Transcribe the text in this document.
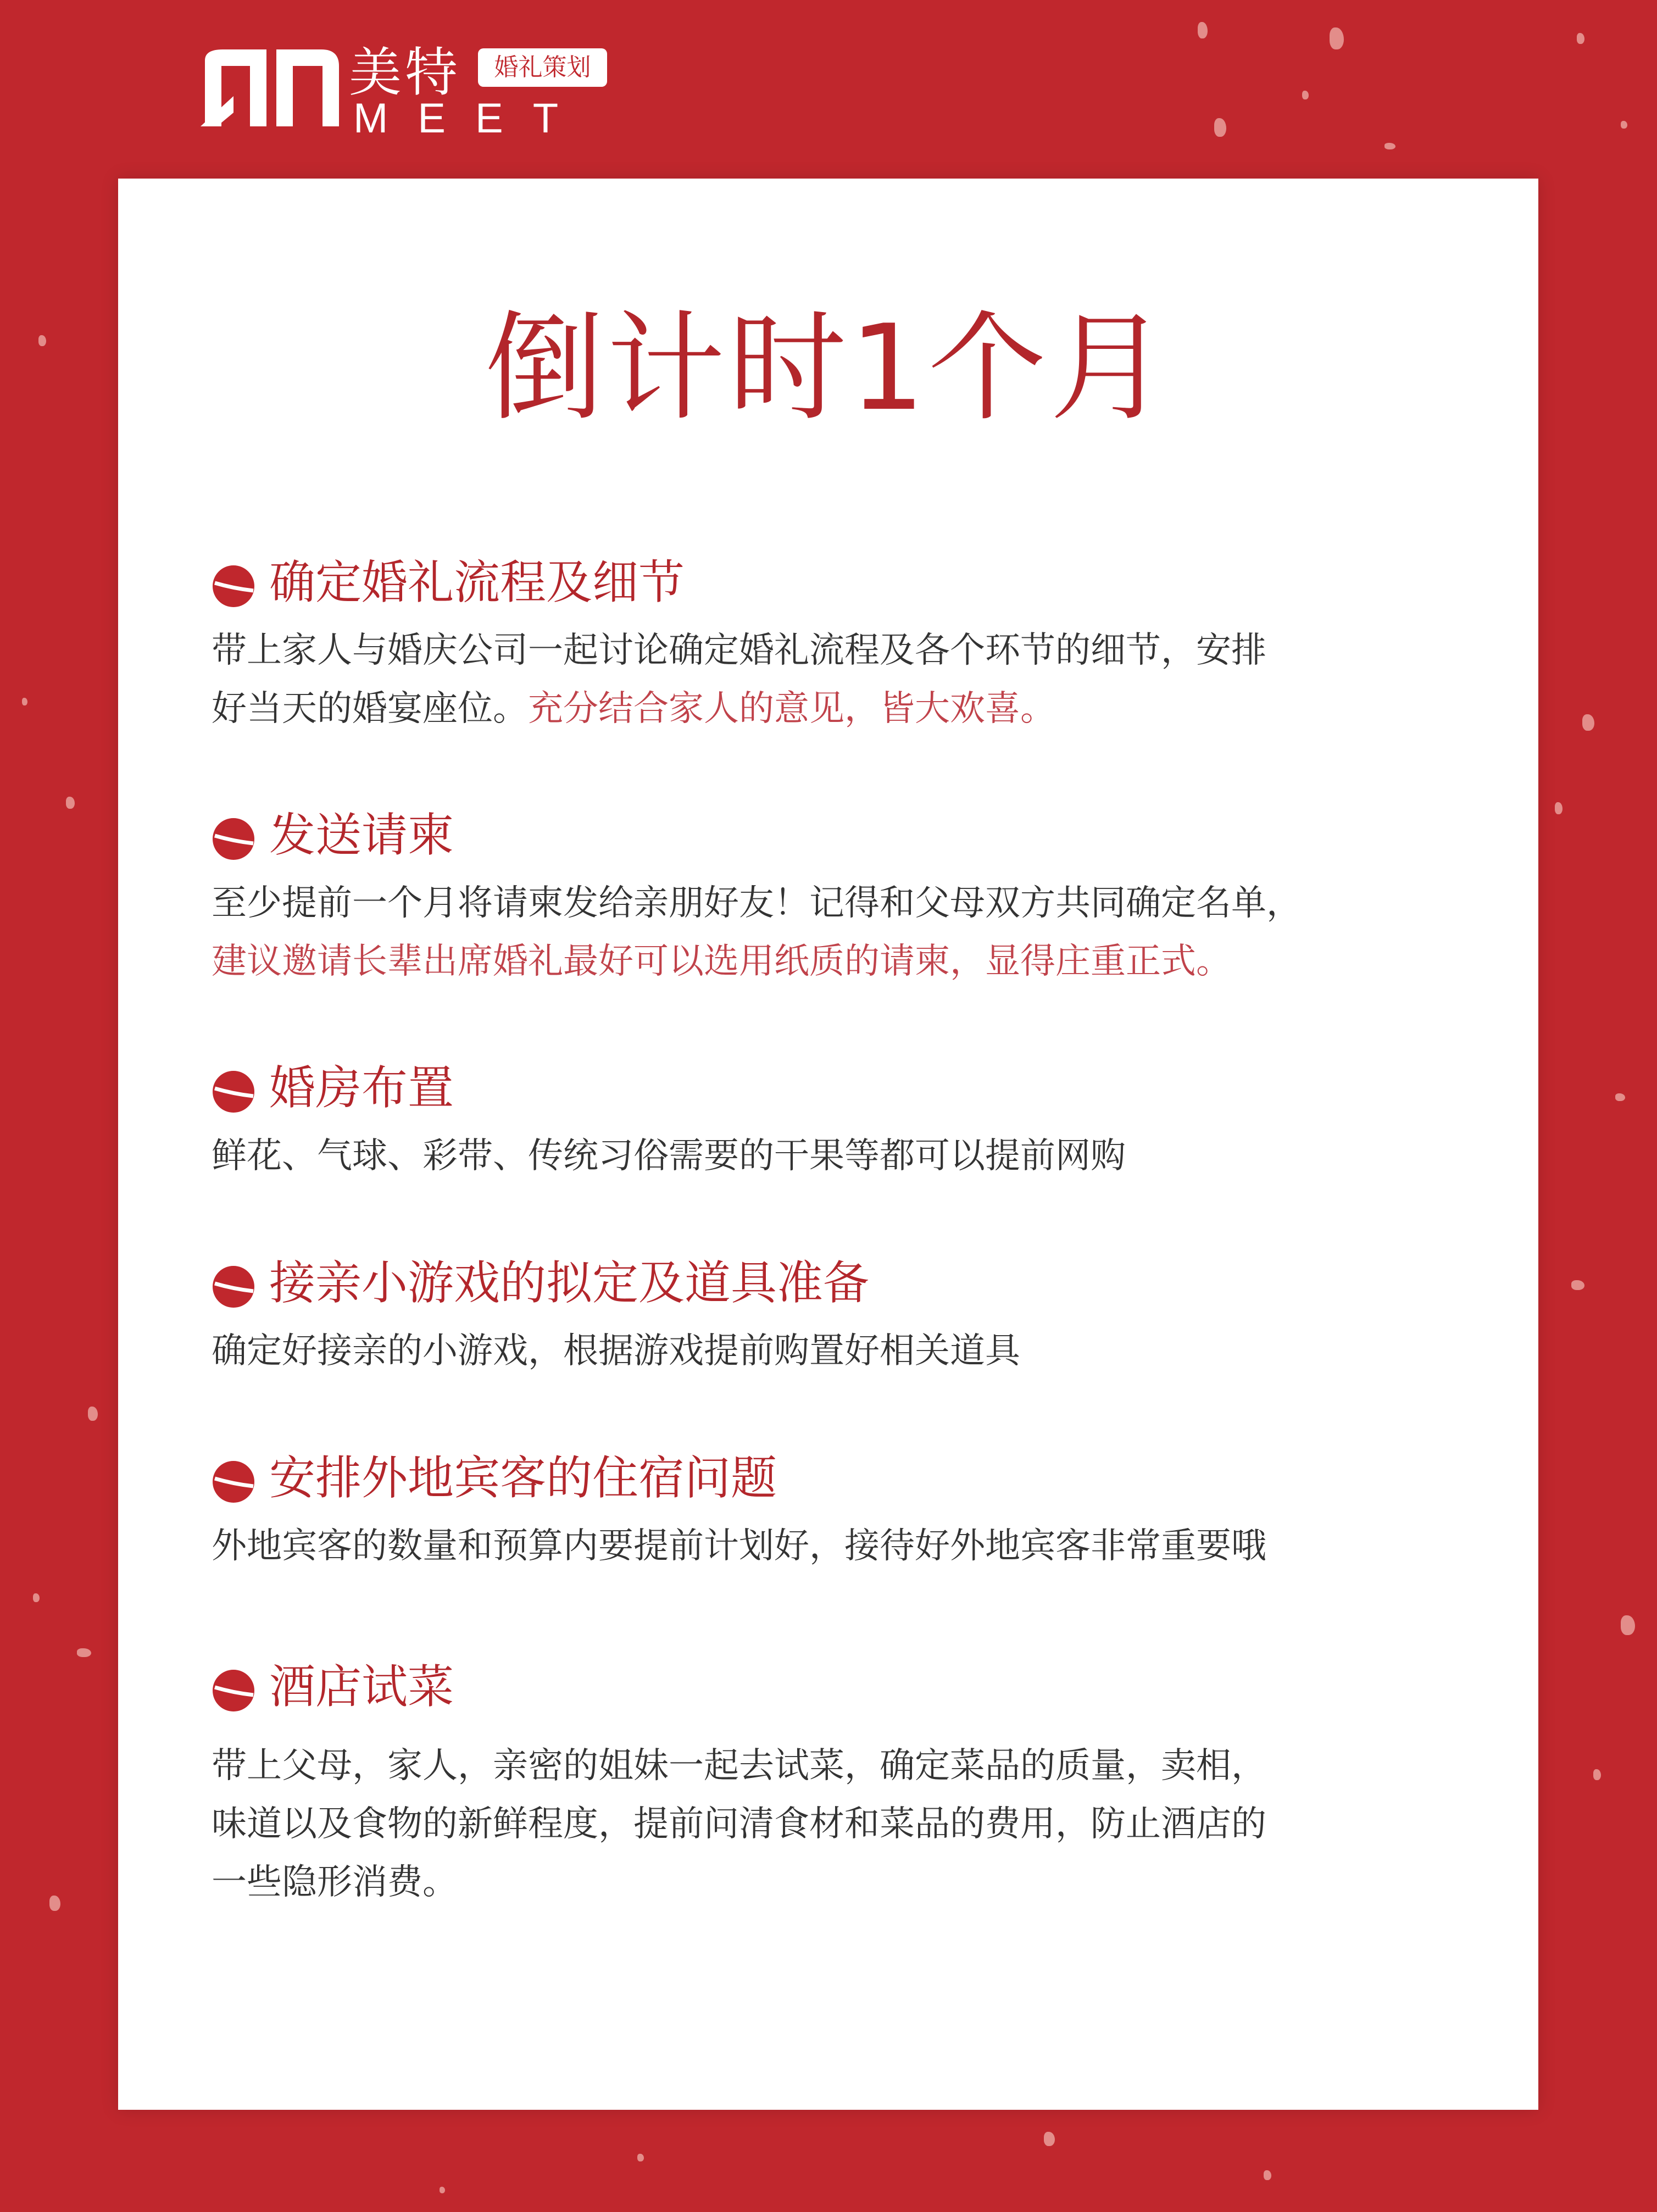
美特	婚礼策划
MEET
倒计时1个月
确定婚礼流程及细节
带上家人与婚庆公司一起讨论确定婚礼流程及各个环节的细节，安排
好当天的婚宴座位。充分结合家人的意见，皆大欢喜。
发送请柬
至少提前一个月将请柬发给亲朋好友！记得和父母双方共同确定名单，
建议邀请长辈出席婚礼最好可以选用纸质的请柬，显得庄重正式。
婚房布置
鲜花、气球、彩带、传统习俗需要的干果等都可以提前网购
接亲小游戏的拟定及道具准备
确定好接亲的小游戏，根据游戏提前购置好相关道具
安排外地宾客的住宿问题
外地宾客的数量和预算内要提前计划好，接待好外地宾客非常重要哦
酒店试菜
带上父母，家人，亲密的姐妹一起去试菜，确定菜品的质量，卖相，
味道以及食物的新鲜程度，提前问清食材和菜品的费用，防止酒店的
一些隐形消费。
